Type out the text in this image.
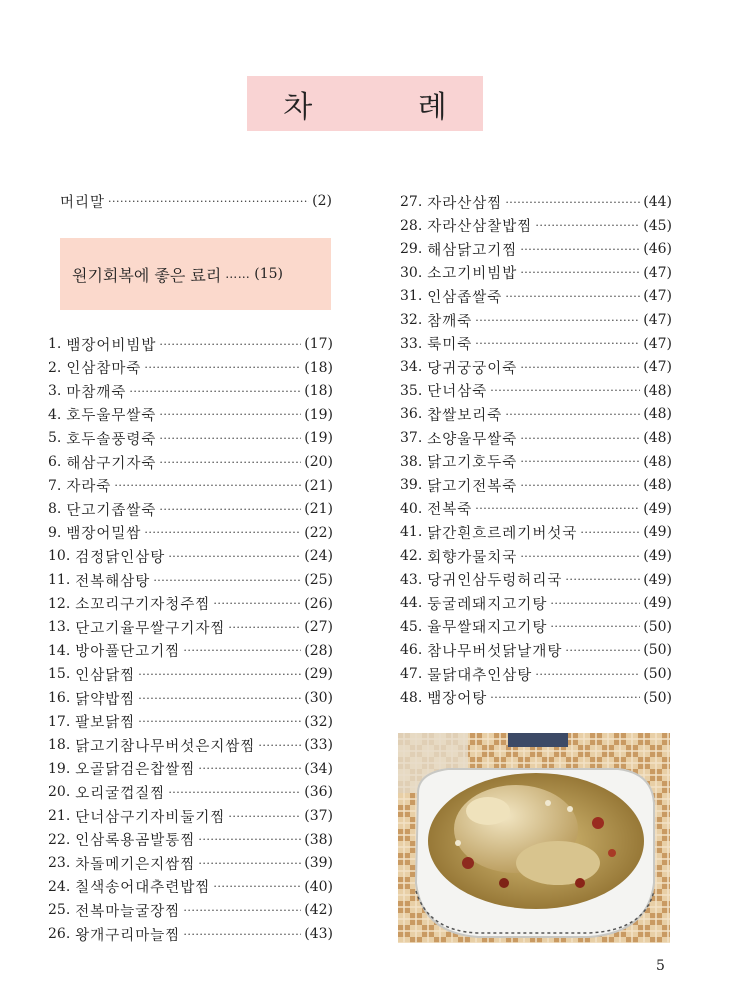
차 례
머리말 ·····	(2)
원기회복에 좋은 료리 …… (15)
1. 뱀장어비빔밥 ·····	(17)
2. 인삼참마죽 ·····	(18)
3. 마참깨죽 ·····	(18)
4. 호두울무쌀죽 ·····	(19)
5. 호두솔풍령죽 ·····	(19)
6. 해삼구기자죽 ·····	(20)
7. 자라죽 ·····	(21)
8. 단고기좁쌀죽 ·····	(21)
9. 뱀장어밀쌈 ·····	(22)
10. 검정닭인삼탕 ·····	(24)
11. 전복해삼탕 ·····	(25)
12. 소꼬리구기자청주찜 ·····	(26)
13. 단고기율무쌀구기자찜 ·····	(27)
14. 방아풀단고기찜 ·····	(28)
15. 인삼닭찜 ·····	(29)
16. 닭약밥찜 ·····	(30)
17. 팔보닭찜 ·····	(32)
18. 닭고기참나무버섯은지쌈찜 ·····	(33)
19. 오골닭검은찹쌀찜 ·····	(34)
20. 오리굴껍질찜 ·····	(36)
21. 단너삼구기자비둘기찜 ·····	(37)
22. 인삼록용곰발통찜 ·····	(38)
23. 차돌메기은지쌈찜 ·····	(39)
24. 칠색송어대추련밥찜 ·····	(40)
25. 전복마늘굴장찜 ·····	(42)
26. 왕개구리마늘찜 ·····	(43)
27. 자라산삼찜 ·····	(44)
28. 자라산삼찰밥찜 ·····	(45)
29. 해삼닭고기찜 ·····	(46)
30. 소고기비빔밥 ·····	(47)
31. 인삼좁쌀죽 ·····	(47)
32. 참깨죽 ·····	(47)
33. 룩미죽 ·····	(47)
34. 당귀궁궁이죽 ·····	(47)
35. 단너삼죽 ·····	(48)
36. 찹쌀보리죽 ·····	(48)
37. 소양울무쌀죽 ·····	(48)
38. 닭고기호두죽 ·····	(48)
39. 닭고기전복죽 ·····	(48)
40. 전복죽 ·····	(49)
41. 닭간흰흐르레기버섯국 ·····	(49)
42. 회향가물치국 ·····	(49)
43. 당귀인삼두렁허리국 ·····	(49)
44. 둥굴레돼지고기탕 ·····	(49)
45. 율무쌀돼지고기탕 ·····	(50)
46. 참나무버섯닭날개탕 ·····	(50)
47. 물닭대추인삼탕 ·····	(50)
48. 뱀장어탕 ·····	(50)
5
